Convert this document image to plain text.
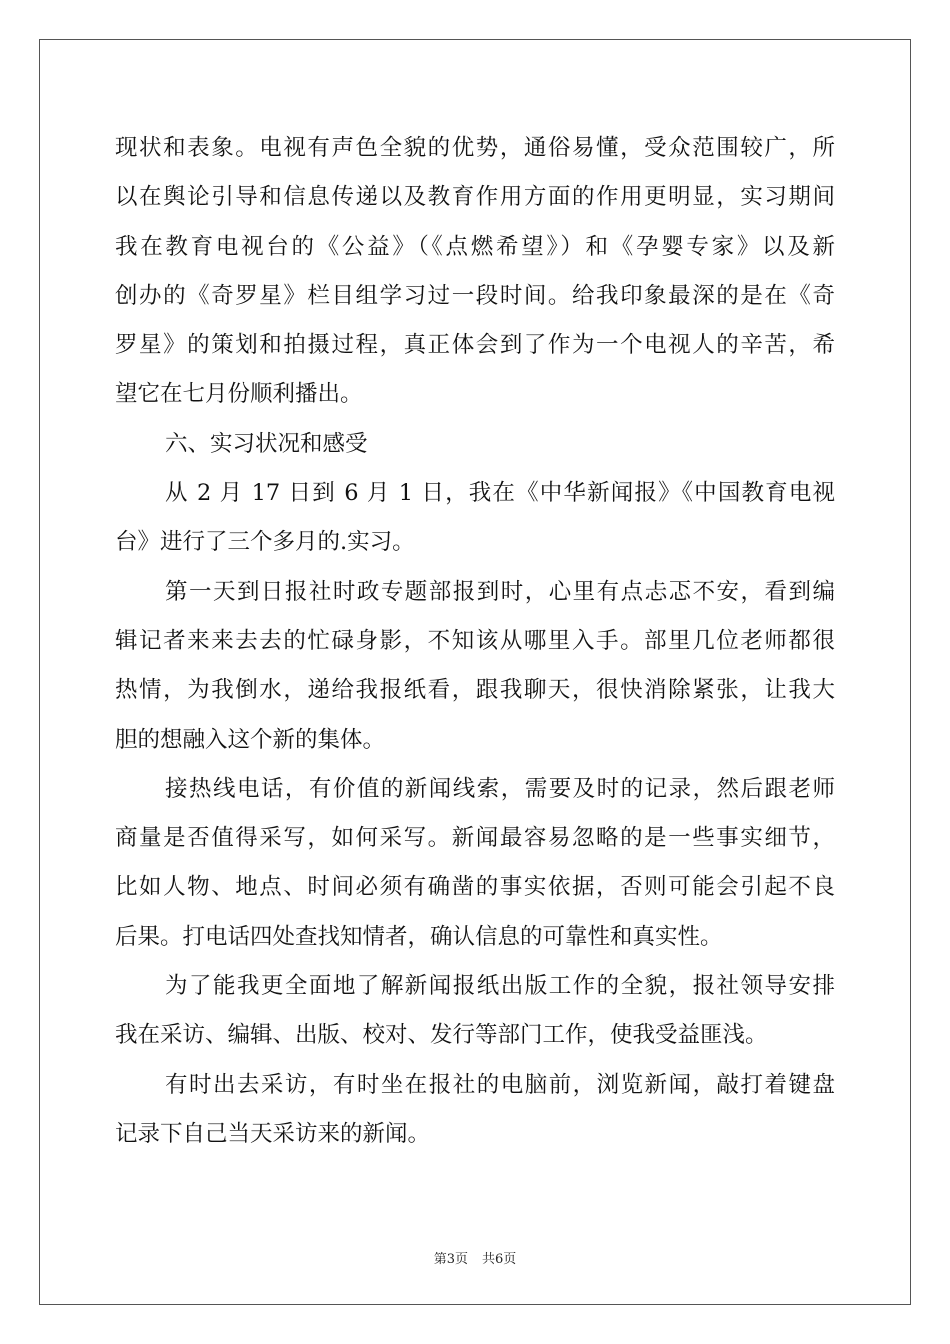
现状和表象。电视有声色全貌的优势，通俗易懂，受众范围较广，所
以在舆论引导和信息传递以及教育作用方面的作用更明显，实习期间
我在教育电视台的《公益》（《点燃希望》）和《孕婴专家》以及新
创办的《奇罗星》栏目组学习过一段时间。给我印象最深的是在《奇
罗星》的策划和拍摄过程，真正体会到了作为一个电视人的辛苦，希
望它在七月份顺利播出。
六、实习状况和感受
从 2 月 17 日到 6 月 1 日，我在《中华新闻报》《中国教育电视
台》进行了三个多月的.实习。
第一天到日报社时政专题部报到时，心里有点忐忑不安，看到编
辑记者来来去去的忙碌身影，不知该从哪里入手。部里几位老师都很
热情，为我倒水，递给我报纸看，跟我聊天，很快消除紧张，让我大
胆的想融入这个新的集体。
接热线电话，有价值的新闻线索，需要及时的记录，然后跟老师
商量是否值得采写，如何采写。新闻最容易忽略的是一些事实细节，
比如人物、地点、时间必须有确凿的事实依据，否则可能会引起不良
后果。打电话四处查找知情者，确认信息的可靠性和真实性。
为了能我更全面地了解新闻报纸出版工作的全貌，报社领导安排
我在采访、编辑、出版、校对、发行等部门工作，使我受益匪浅。
有时出去采访，有时坐在报社的电脑前，浏览新闻，敲打着键盘
记录下自己当天采访来的新闻。
第3页 共6页
